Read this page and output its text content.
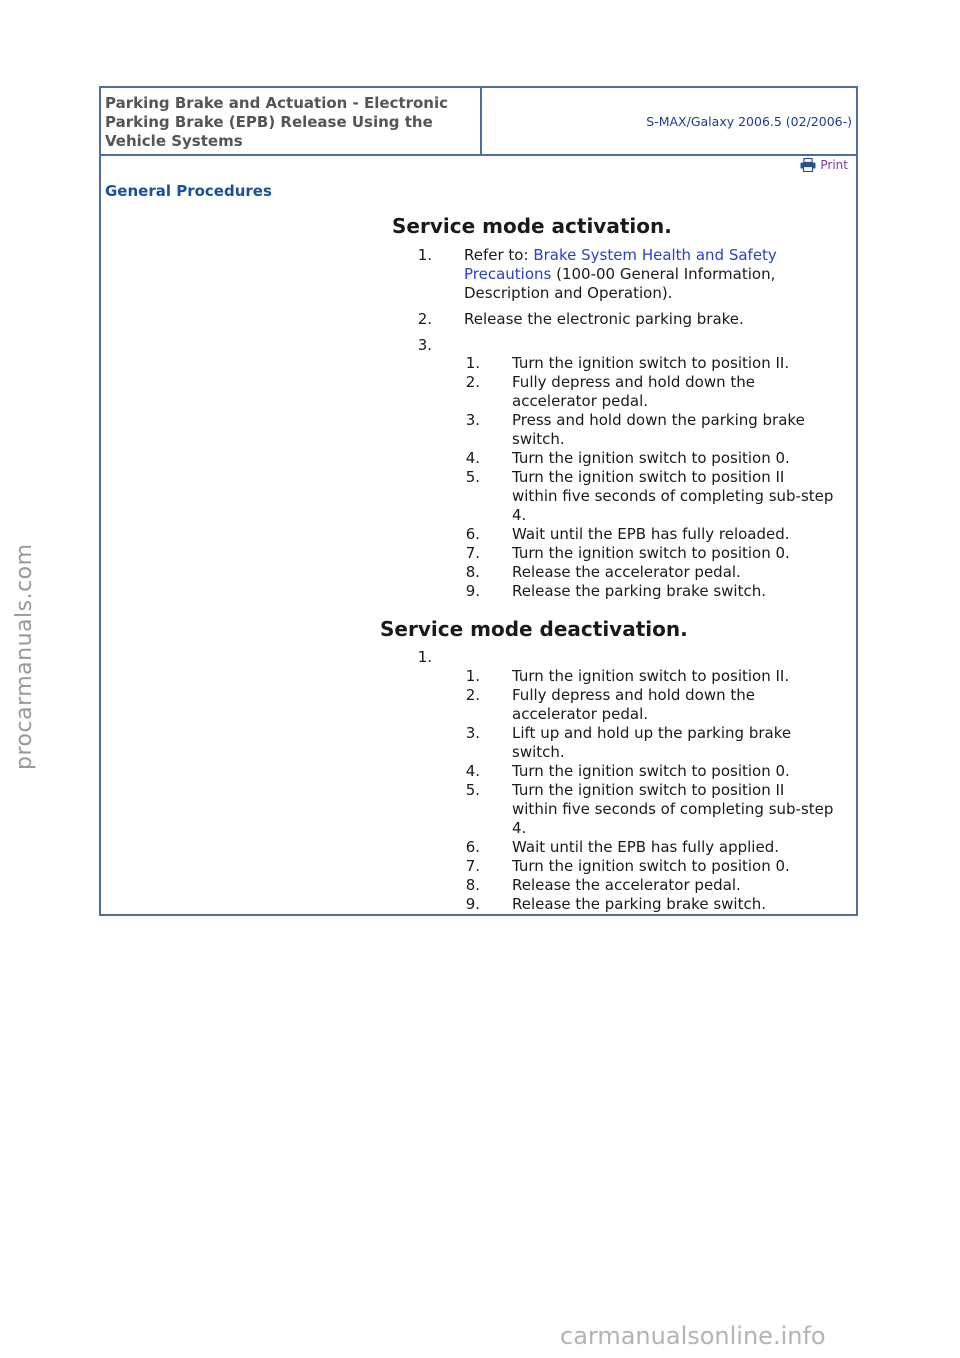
Parking Brake and Actuation - Electronic
Parking Brake (EPB) Release Using the
Vehicle Systems
S-MAX/Galaxy 2006.5 (02/2006-)
Print
General Procedures
Service mode activation.
1. Refer to: Brake System Health and Safety
Precautions (100-00 General Information,
Description and Operation).
2. Release the electronic parking brake.
3.
1. Turn the ignition switch to position II.
2. Fully depress and hold down the
accelerator pedal.
3. Press and hold down the parking brake
switch.
4. Turn the ignition switch to position 0.
5. Turn the ignition switch to position II
within five seconds of completing sub-step
4.
6. Wait until the EPB has fully reloaded.
7. Turn the ignition switch to position 0.
8. Release the accelerator pedal.
9. Release the parking brake switch.
Service mode deactivation.
1.
1. Turn the ignition switch to position II.
2. Fully depress and hold down the
accelerator pedal.
3. Lift up and hold up the parking brake
switch.
4. Turn the ignition switch to position 0.
5. Turn the ignition switch to position II
within five seconds of completing sub-step
4.
6. Wait until the EPB has fully applied.
7. Turn the ignition switch to position 0.
8. Release the accelerator pedal.
9. Release the parking brake switch.
procarmanuals.com
carmanualsonline.info
